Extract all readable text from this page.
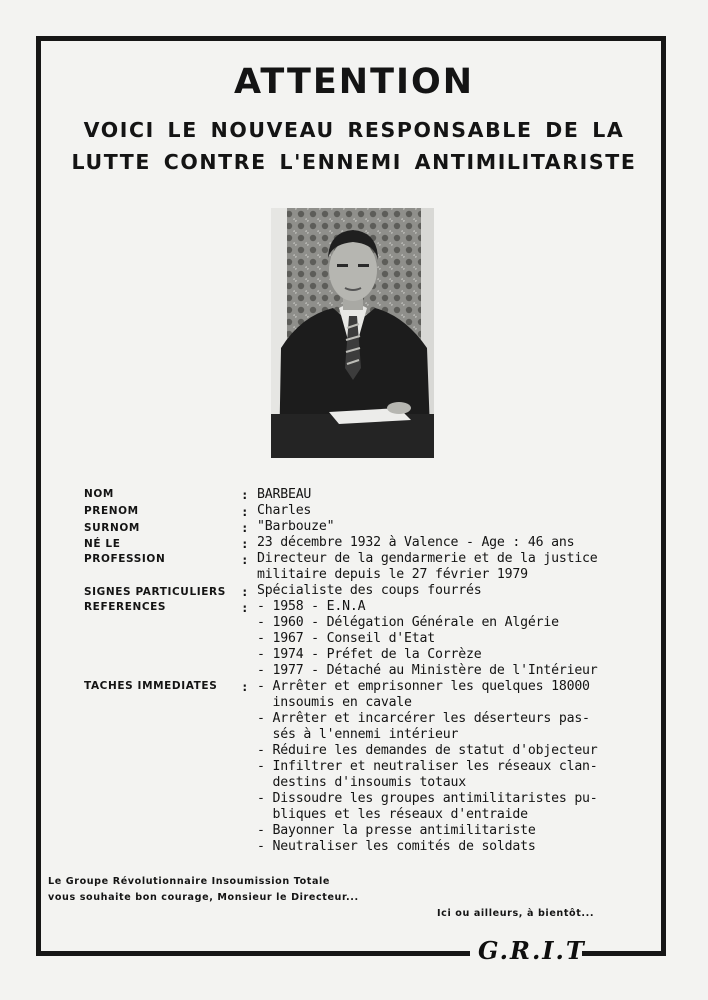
ATTENTION
VOICI LE NOUVEAU RESPONSABLE DE LA
LUTTE CONTRE L'ENNEMI ANTIMILITARISTE
NOM
PRENOM
SURNOM
NÉ LE
PROFESSION
SIGNES PARTICULIERS
REFERENCES
TACHES IMMEDIATES
:
:
:
:
:
:
:
:
BARBEAU
Charles
"Barbouze"
23 décembre 1932 à Valence - Age : 46 ans
Directeur de la gendarmerie et de la justice
militaire depuis le 27 février 1979
Spécialiste des coups fourrés
- 1958 - E.N.A
- 1960 - Délégation Générale en Algérie
- 1967 - Conseil d'Etat
- 1974 - Préfet de la Corrèze
- 1977 - Détaché au Ministère de l'Intérieur
- Arrêter et emprisonner les quelques 18000
insoumis en cavale
- Arrêter et incarcérer les déserteurs pas-
sés à l'ennemi intérieur
- Réduire les demandes de statut d'objecteur
- Infiltrer et neutraliser les réseaux clan-
destins d'insoumis totaux
- Dissoudre les groupes antimilitaristes pu-
bliques et les réseaux d'entraide
- Bayonner la presse antimilitariste
- Neutraliser les comités de soldats
Le Groupe Révolutionnaire Insoumission Totale
vous souhaite bon courage, Monsieur le Directeur...
Ici ou ailleurs, à bientôt...
G.R.I.T
